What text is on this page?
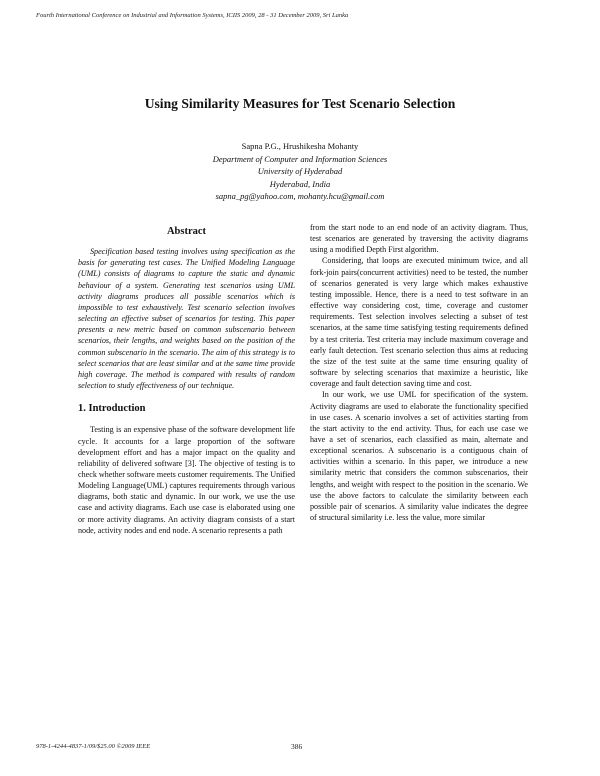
Fourth International Conference on Industrial and Information Systems, ICIIS 2009, 28 - 31 December 2009, Sri Lanka
Using Similarity Measures for Test Scenario Selection
Sapna P.G., Hrushikesha Mohanty
Department of Computer and Information Sciences
University of Hyderabad
Hyderabad, India
sapna_pg@yahoo.com, mohanty.hcu@gmail.com
Abstract

Specification based testing involves using specification as the basis for generating test cases. The Unified Modeling Language (UML) consists of diagrams to capture the static and dynamic behaviour of a system. Generating test scenarios using UML activity diagrams produces all possible scenarios which is impossible to test exhaustively. Test scenario selection involves selecting an effective subset of scenarios for testing. This paper presents a new metric based on common subscenario between scenarios, their lengths, and weights based on the position of the common subscenario in the scenario. The aim of this strategy is to select scenarios that are least similar and at the same time provide high coverage. The method is compared with results of random selection to study effectiveness of our technique.

1. Introduction

Testing is an expensive phase of the software development life cycle. It accounts for a large proportion of the software development effort and has a major impact on the quality and reliability of delivered software [3]. The objective of testing is to check whether software meets customer requirements. The Unified Modeling Language(UML) captures requirements through various diagrams, both static and dynamic. In our work, we use the use case and activity diagrams. Each use case is elaborated using one or more activity diagrams. An activity diagram consists of a start node, activity nodes and end node. A scenario represents a path

from the start node to an end node of an activity diagram. Thus, test scenarios are generated by traversing the activity diagrams using a modified Depth First algorithm.

Considering, that loops are executed minimum twice, and all fork-join pairs(concurrent activities) need to be tested, the number of scenarios generated is very large which makes exhaustive testing impossible. Hence, there is a need to test software in an effective way considering cost, time, coverage and customer requirements. Test selection involves selecting a subset of test scenarios, at the same time satisfying testing requirements defined by a test criteria. Test criteria may include maximum coverage and early fault detection. Test scenario selection thus aims at reducing the size of the test suite at the same time ensuring quality of software by selecting scenarios that maximize a heuristic, like coverage and fault detection saving time and cost.

In our work, we use UML for specification of the system. Activity diagrams are used to elaborate the functionality specified in use cases. A scenario involves a set of activities starting from the start activity to the end activity. Thus, for each use case we have a set of scenarios, each classified as main, alternate and exceptional scenarios. A subscenario is a contiguous chain of activities within a scenario. In this paper, we introduce a new similarity metric that considers the common subscenarios, their lengths, and weight with respect to the position in the scenario. We use the above factors to calculate the similarity between each possible pair of scenarios. A similarity value indicates the degree of structural similarity i.e. less the value, more similar

978-1-4244-4837-1/09/$25.00 ©2009 IEEE	386
